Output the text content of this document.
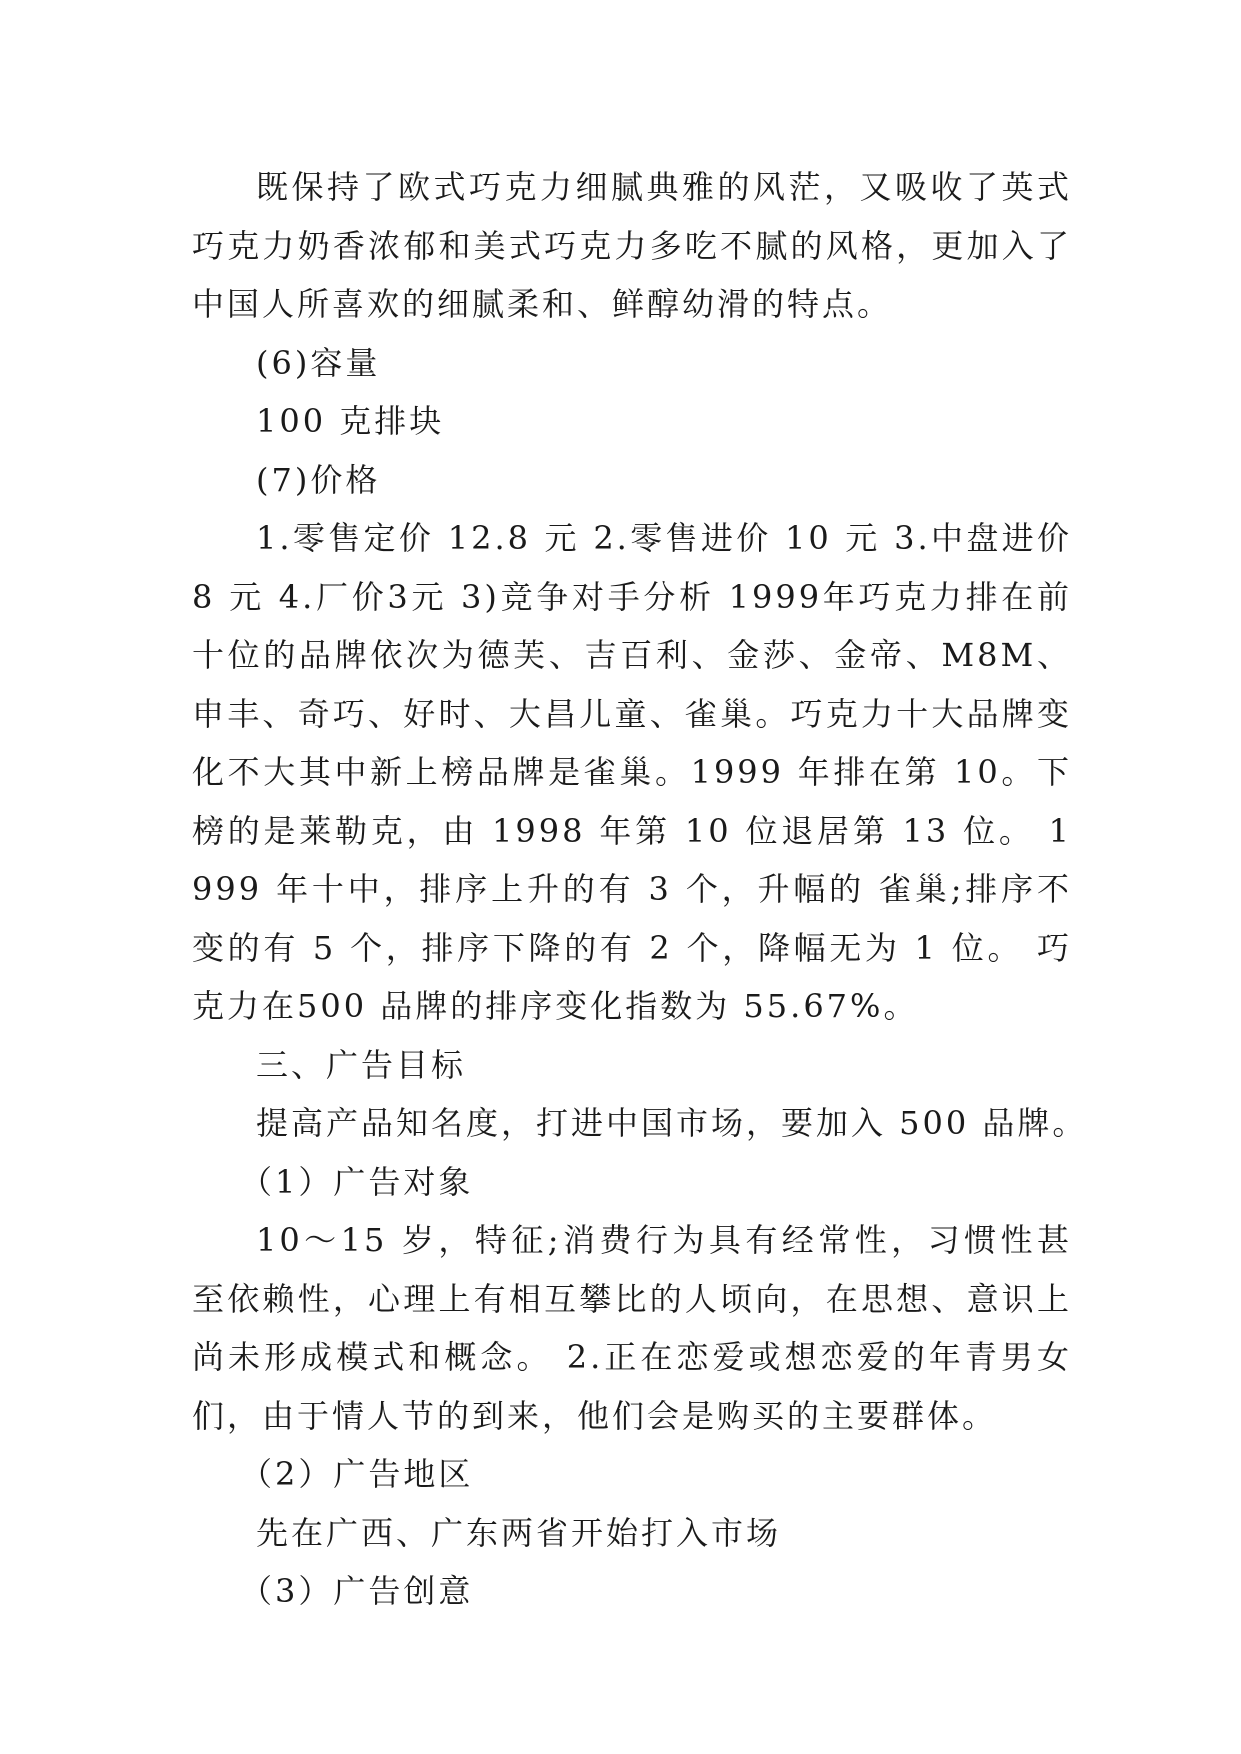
既保持了欧式巧克力细腻典雅的风茫，又吸收了英式巧克力奶香浓郁和美式巧克力多吃不腻的风格，更加入了中国人所喜欢的细腻柔和、鲜醇幼滑的特点。

(6)容量

100 克排块

(7)价格

1.零售定价 12.8 元 2.零售进价 10 元 3.中盘进价 8 元 4.厂价3元 3)竞争对手分析 1999年巧克力排在前十位的品牌依次为德芙、吉百利、金莎、金帝、M8M、 申丰、奇巧、好时、大昌儿童、雀巢。巧克力十大品牌变化不大其中新上榜品牌是雀巢。1999 年排在第 10。下榜的是莱勒克，由 1998 年第 10 位退居第 13 位。 1999 年十中，排序上升的有 3 个，升幅的 雀巢;排序不变的有 5 个，排序下降的有 2 个，降幅无为 1 位。 巧克力在500 品牌的排序变化指数为 55.67%。

三、广告目标

提高产品知名度，打进中国市场，要加入 500 品牌。

（1）广告对象

10～15 岁，特征;消费行为具有经常性，习惯性甚至依赖性，心理上有相互攀比的人顷向，在思想、意识上尚未形成模式和概念。 2.正在恋爱或想恋爱的年青男女们，由于情人节的到来，他们会是购买的主要群体。

（2）广告地区

先在广西、广东两省开始打入市场

（3）广告创意
